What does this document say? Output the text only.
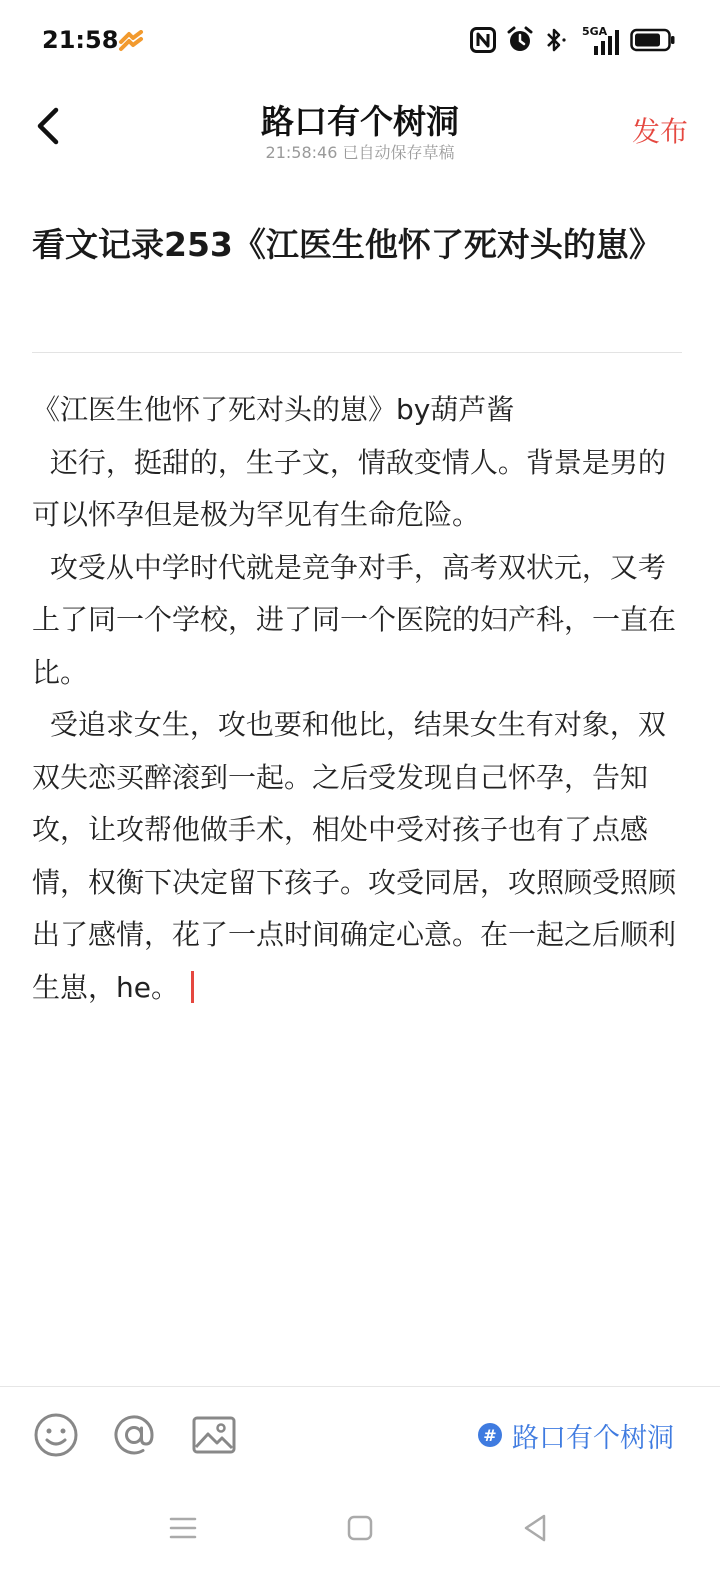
21:58	5GA
路口有个树洞
21:58:46 已自动保存草稿
发布
看文记录253《江医生他怀了死对头的崽》
《江医生他怀了死对头的崽》by葫芦酱
还行，挺甜的，生子文，情敌变情人。背景是男的可以怀孕但是极为罕见有生命危险。
攻受从中学时代就是竞争对手，高考双状元，又考上了同一个学校，进了同一个医院的妇产科，一直在比。
受追求女生，攻也要和他比，结果女生有对象，双双失恋买醉滚到一起。之后受发现自己怀孕，告知攻，让攻帮他做手术，相处中受对孩子也有了点感情，权衡下决定留下孩子。攻受同居，攻照顾受照顾出了感情，花了一点时间确定心意。在一起之后顺利生崽，he。
# 路口有个树洞
